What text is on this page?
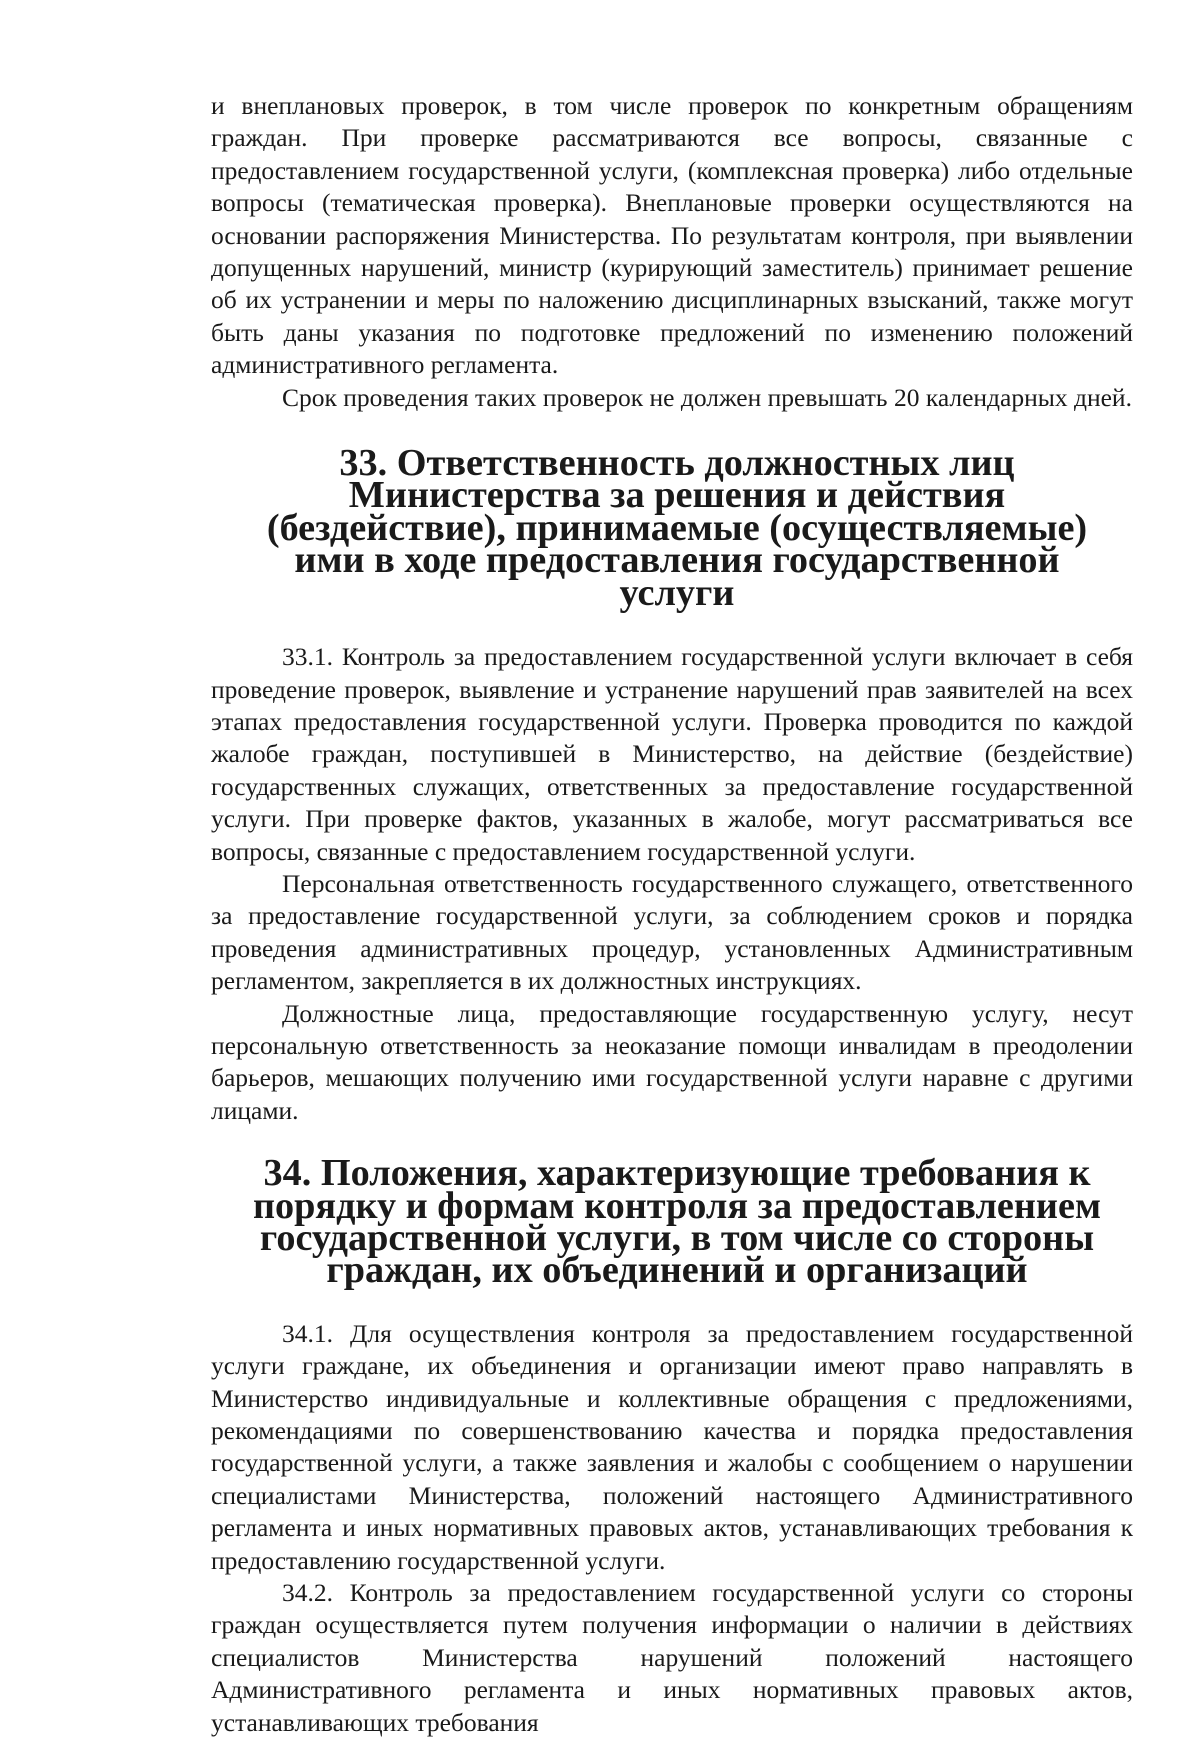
и внеплановых проверок, в том числе проверок по конкретным обращениям граждан. При проверке рассматриваются все вопросы, связанные с предоставлением государственной услуги, (комплексная проверка) либо отдельные вопросы (тематическая проверка). Внеплановые проверки осуществляются на основании распоряжения Министерства. По результатам контроля, при выявлении допущенных нарушений, министр (курирующий заместитель) принимает решение об их устранении и меры по наложению дисциплинарных взысканий, также могут быть даны указания по подготовке предложений по изменению положений административного регламента.

Срок проведения таких проверок не должен превышать 20 календарных дней.

33. Ответственность должностных лиц Министерства за решения и действия (бездействие), принимаемые (осуществляемые) ими в ходе предоставления государственной услуги

33.1. Контроль за предоставлением государственной услуги включает в себя проведение проверок, выявление и устранение нарушений прав заявителей на всех этапах предоставления государственной услуги. Проверка проводится по каждой жалобе граждан, поступившей в Министерство, на действие (бездействие) государственных служащих, ответственных за предоставление государственной услуги. При проверке фактов, указанных в жалобе, могут рассматриваться все вопросы, связанные с предоставлением государственной услуги.

Персональная ответственность государственного служащего, ответственного за предоставление государственной услуги, за соблюдением сроков и порядка проведения административных процедур, установленных Административным регламентом, закрепляется в их должностных инструкциях.

Должностные лица, предоставляющие государственную услугу, несут персональную ответственность за неоказание помощи инвалидам в преодолении барьеров, мешающих получению ими государственной услуги наравне с другими лицами.

34. Положения, характеризующие требования к порядку и формам контроля за предоставлением государственной услуги, в том числе со стороны граждан, их объединений и организаций

34.1. Для осуществления контроля за предоставлением государственной услуги граждане, их объединения и организации имеют право направлять в Министерство индивидуальные и коллективные обращения с предложениями, рекомендациями по совершенствованию качества и порядка предоставления государственной услуги, а также заявления и жалобы с сообщением о нарушении специалистами Министерства, положений настоящего Административного регламента и иных нормативных правовых актов, устанавливающих требования к предоставлению государственной услуги.

34.2. Контроль за предоставлением государственной услуги со стороны граждан осуществляется путем получения информации о наличии в действиях специалистов Министерства нарушений положений настоящего Административного регламента и иных нормативных правовых актов, устанавливающих требования
